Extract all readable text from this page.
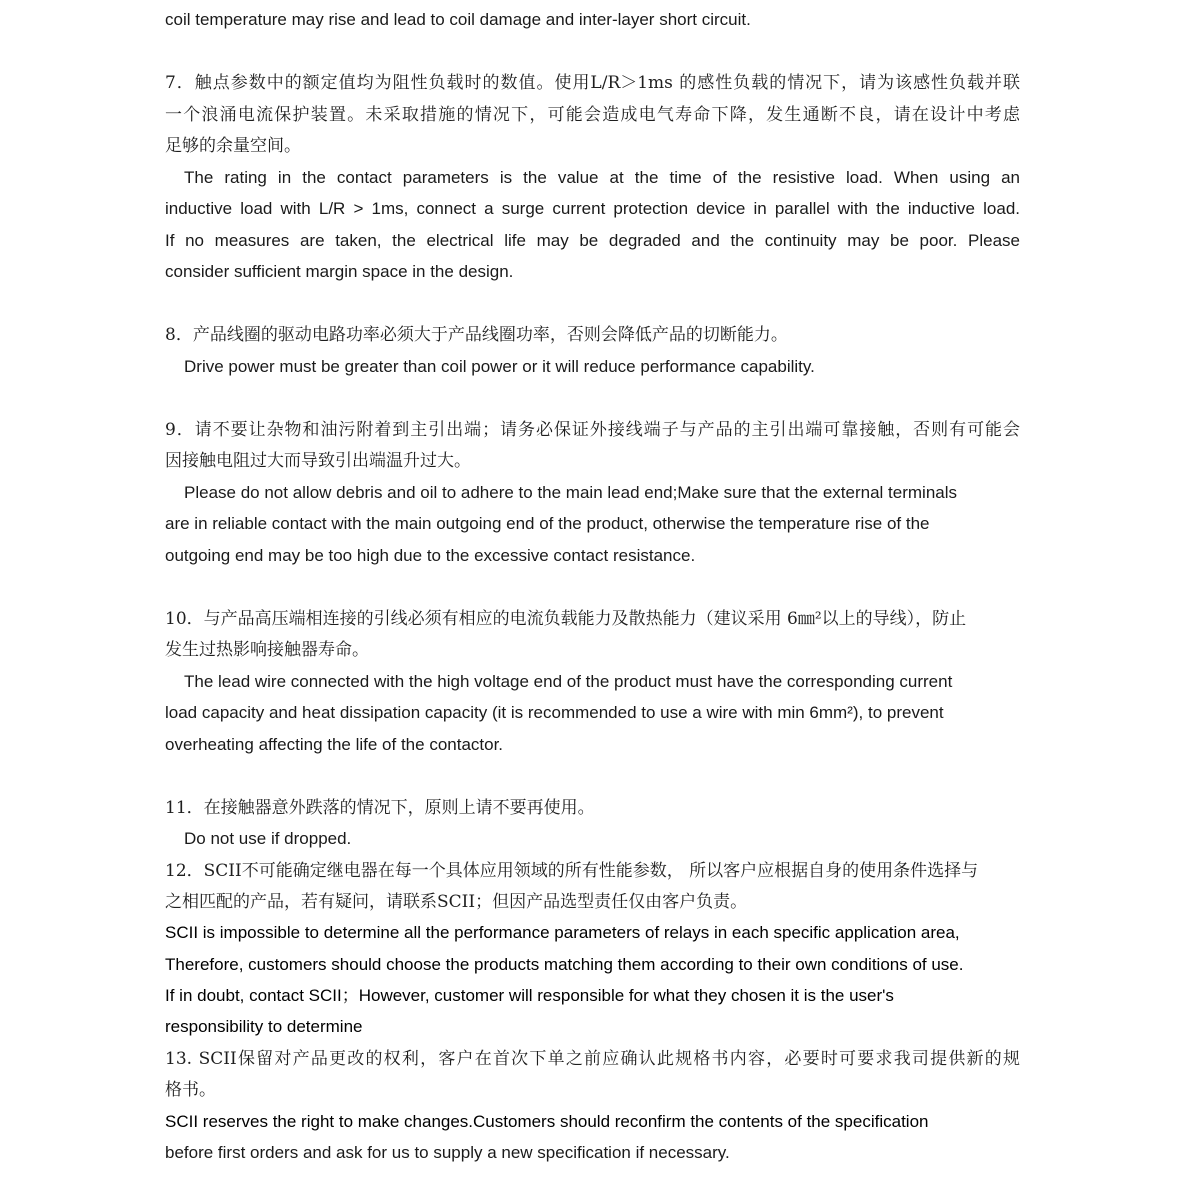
coil temperature may rise and lead to coil damage and inter-layer short circuit.
7．触点参数中的额定值均为阻性负载时的数值。使用L/R＞1ms 的感性负载的情况下，请为该感性负载并联
一个浪涌电流保护装置。未采取措施的情况下，可能会造成电气寿命下降，发生通断不良，请在设计中考虑
足够的余量空间。
The rating in the contact parameters is the value at the time of the resistive load. When using an
inductive load with L/R > 1ms, connect a surge current protection device in parallel with the inductive load.
If no measures are taken, the electrical life may be degraded and the continuity may be poor. Please
consider sufficient margin space in the design.
8．产品线圈的驱动电路功率必须大于产品线圈功率，否则会降低产品的切断能力。
Drive power must be greater than coil power or it will reduce performance capability.
9．请不要让杂物和油污附着到主引出端；请务必保证外接线端子与产品的主引出端可靠接触，否则有可能会
因接触电阻过大而导致引出端温升过大。
Please do not allow debris and oil to adhere to the main lead end;Make sure that the external terminals
are in reliable contact with the main outgoing end of the product, otherwise the temperature rise of the
outgoing end may be too high due to the excessive contact resistance.
10．与产品高压端相连接的引线必须有相应的电流负载能力及散热能力（建议采用 6㎜²以上的导线），防止
发生过热影响接触器寿命。
The lead wire connected with the high voltage end of the product must have the corresponding current
load capacity and heat dissipation capacity (it is recommended to use a wire with min 6mm²), to prevent
overheating affecting the life of the contactor.
11．在接触器意外跌落的情况下，原则上请不要再使用。
Do not use if dropped.
12．SCII不可能确定继电器在每一个具体应用领域的所有性能参数， 所以客户应根据自身的使用条件选择与
之相匹配的产品，若有疑问，请联系SCII；但因产品选型责任仅由客户负责。
SCII is impossible to determine all the performance parameters of relays in each specific application area,
Therefore, customers should choose the products matching them according to their own conditions of use.
If in doubt, contact SCII；However, customer will responsible for what they chosen it is the user's
responsibility to determine
13. SCII保留对产品更改的权利，客户在首次下单之前应确认此规格书内容，必要时可要求我司提供新的规
格书。
SCII reserves the right to make changes.Customers should reconfirm the contents of the specification
before first orders and ask for us to supply a new specification if necessary.
